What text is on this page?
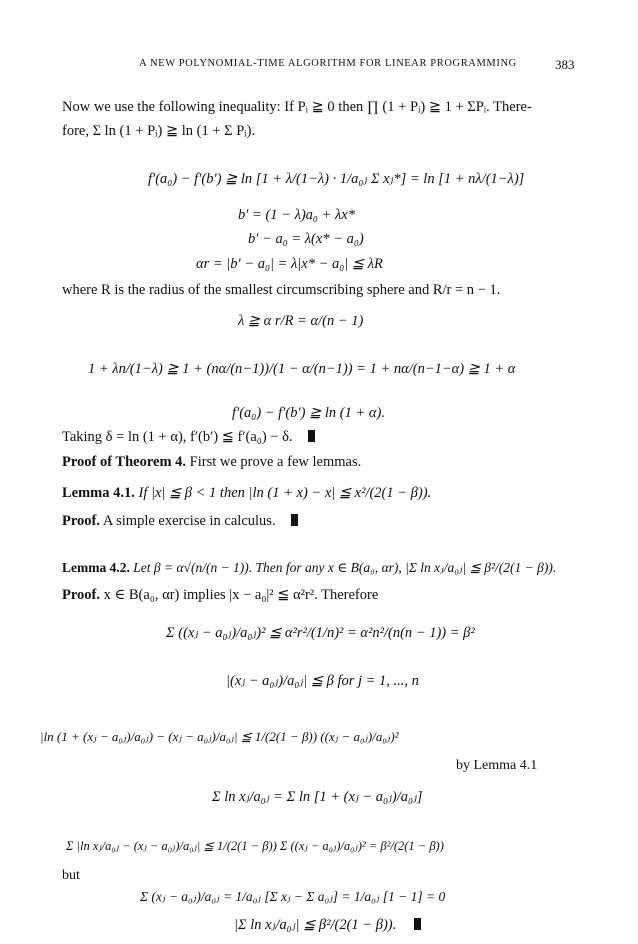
A NEW POLYNOMIAL-TIME ALGORITHM FOR LINEAR PROGRAMMING	383
Now we use the following inequality: If Pᵢ ≧ 0 then ∏ (1 + Pᵢ) ≧ 1 + ΣPᵢ. There-
fore, Σ ln (1 + Pᵢ) ≧ ln (1 + Σ Pᵢ).
f′(a₀) − f′(b′) ≧ ln [1 + λ/(1−λ) · 1/a₀ⱼ Σ xⱼ*] = ln [1 + nλ/(1−λ)]
b′ = (1 − λ)a₀ + λx*
b′ − a₀ = λ(x* − a₀)
αr = |b′ − a₀| = λ|x* − a₀| ≦ λR
where R is the radius of the smallest circumscribing sphere and R/r = n − 1.
λ ≧ α r/R = α/(n − 1)
1 + λn/(1−λ) ≧ 1 + (nα/(n−1))/(1 − α/(n−1)) = 1 + nα/(n−1−α) ≧ 1 + α
f′(a₀) − f′(b′) ≧ ln (1 + α).
Taking δ = ln (1 + α), f′(b′) ≦ f′(a₀) − δ.
Proof of Theorem 4. First we prove a few lemmas.
Lemma 4.1. If |x| ≦ β < 1 then |ln (1 + x) − x| ≦ x²/(2(1 − β)).
Proof. A simple exercise in calculus.
Lemma 4.2. Let β = α√(n/(n − 1)). Then for any x ∈ B(a₀, αr), |Σ ln xⱼ/a₀ⱼ| ≦ β²/(2(1 − β)).
Proof. x ∈ B(a₀, αr) implies |x − a₀|² ≦ α²r². Therefore
Σ ((xⱼ − a₀ⱼ)/a₀ⱼ)² ≦ α²r²/(1/n)² = α²n²/(n(n − 1)) = β²
|(xⱼ − a₀ⱼ)/a₀ⱼ| ≦ β for j = 1, ..., n
|ln (1 + (xⱼ − a₀ⱼ)/a₀ⱼ) − (xⱼ − a₀ⱼ)/a₀ⱼ| ≦ 1/(2(1 − β)) ((xⱼ − a₀ⱼ)/a₀ⱼ)²
by Lemma 4.1
Σ ln xⱼ/a₀ⱼ = Σ ln [1 + (xⱼ − a₀ⱼ)/a₀ⱼ]
Σ |ln xⱼ/a₀ⱼ − (xⱼ − a₀ⱼ)/a₀ⱼ| ≦ 1/(2(1 − β)) Σ ((xⱼ − a₀ⱼ)/a₀ⱼ)² = β²/(2(1 − β))
but
Σ (xⱼ − a₀ⱼ)/a₀ⱼ = 1/a₀ⱼ [Σ xⱼ − Σ a₀ⱼ] = 1/a₀ⱼ [1 − 1] = 0
|Σ ln xⱼ/a₀ⱼ| ≦ β²/(2(1 − β)).
